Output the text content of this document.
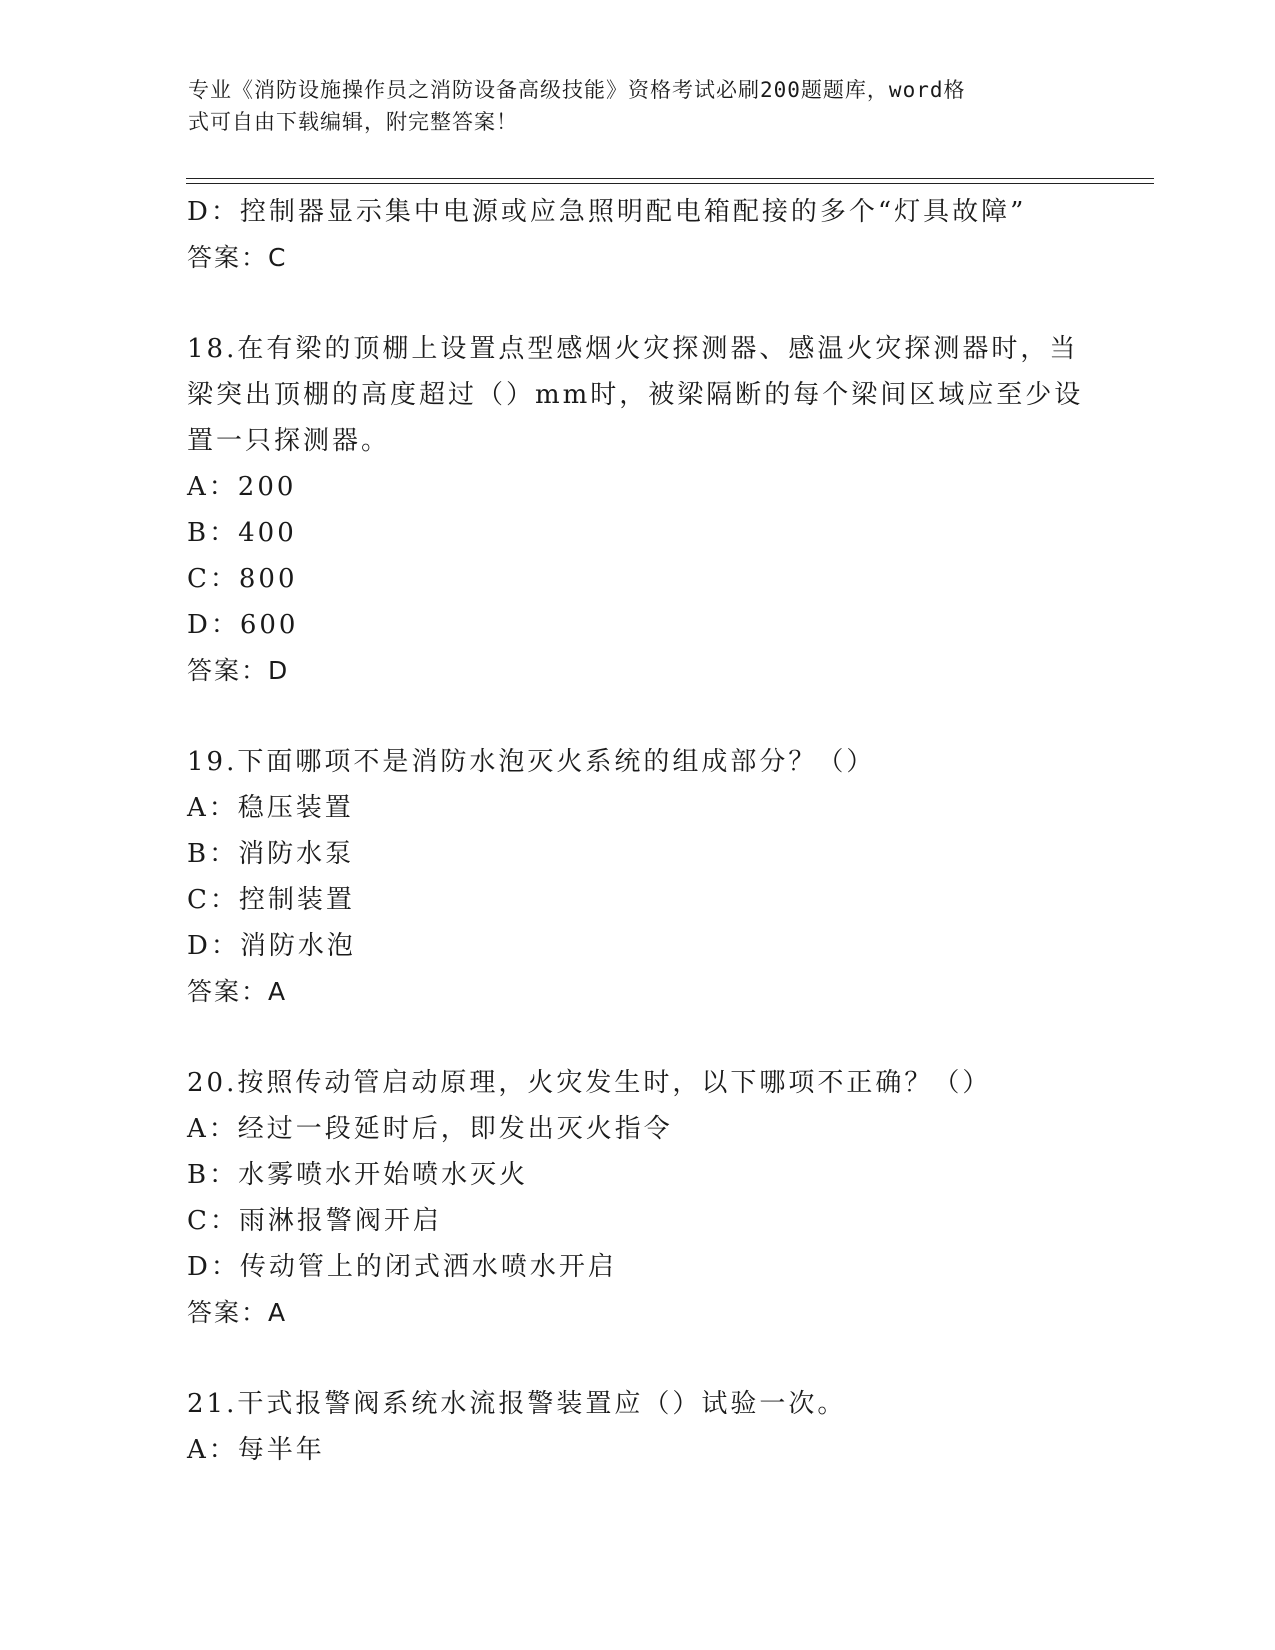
专业《消防设施操作员之消防设备高级技能》资格考试必刷200题题库，word格
式可自由下载编辑，附完整答案！
D：控制器显示集中电源或应急照明配电箱配接的多个“灯具故障”
答案：C
18.在有梁的顶棚上设置点型感烟火灾探测器、感温火灾探测器时，当
梁突出顶棚的高度超过（）mm时，被梁隔断的每个梁间区域应至少设
置一只探测器。
A：200
B：400
C：800
D：600
答案：D
19.下面哪项不是消防水泡灭火系统的组成部分？（）
A：稳压装置
B：消防水泵
C：控制装置
D：消防水泡
答案：A
20.按照传动管启动原理，火灾发生时，以下哪项不正确？（）
A：经过一段延时后，即发出灭火指令
B：水雾喷水开始喷水灭火
C：雨淋报警阀开启
D：传动管上的闭式洒水喷水开启
答案：A
21.干式报警阀系统水流报警装置应（）试验一次。
A：每半年
